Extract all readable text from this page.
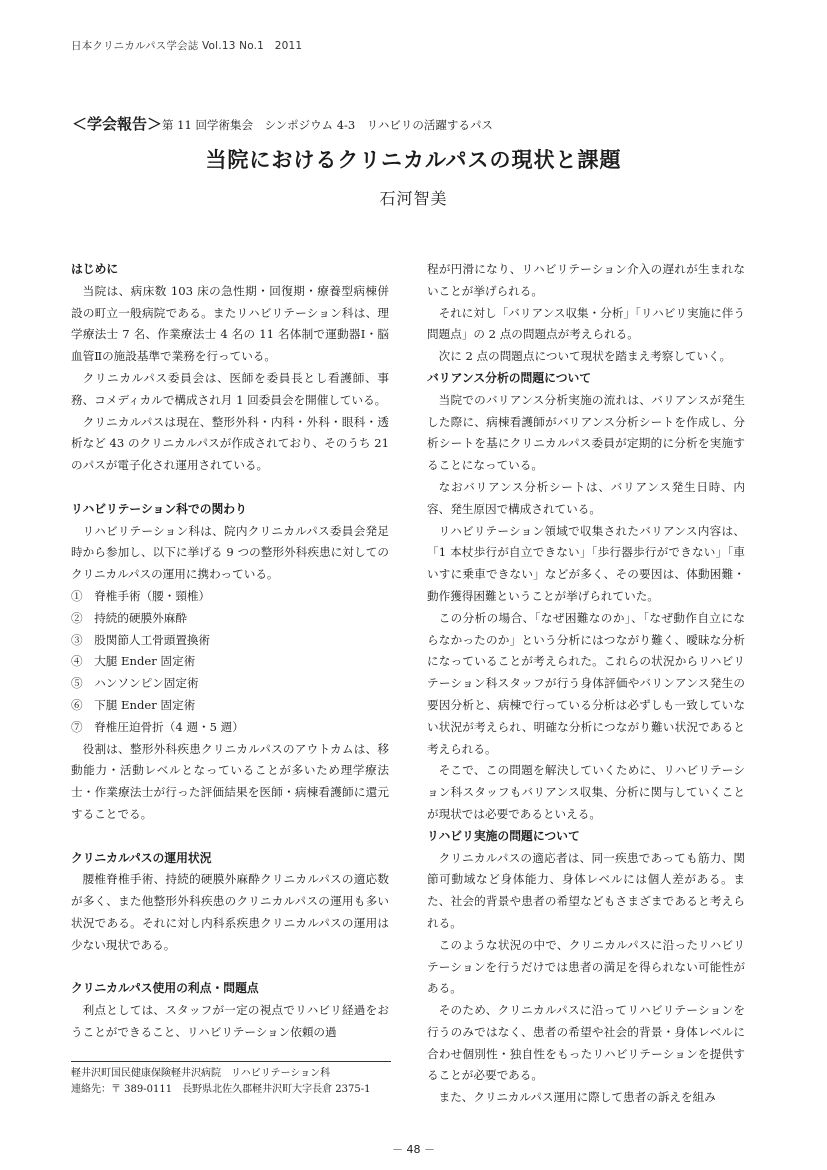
日本クリニカルパス学会誌 Vol.13 No.1　2011
＜学会報告＞第 11 回学術集会　シンポジウム 4-3　リハビリの活躍するパス
当院におけるクリニカルパスの現状と課題
石河智美
はじめに

当院は、病床数 103 床の急性期・回復期・療養型病棟併設の町立一般病院である。またリハビリテーション科は、理学療法士 7 名、作業療法士 4 名の 11 名体制で運動器Ⅰ・脳血管Ⅱの施設基準で業務を行っている。

クリニカルパス委員会は、医師を委員長とし看護師、事務、コメディカルで構成され月 1 回委員会を開催している。

クリニカルパスは現在、整形外科・内科・外科・眼科・透析など 43 のクリニカルパスが作成されており、そのうち 21 のパスが電子化され運用されている。

リハビリテーション科での関わり

リハビリテーション科は、院内クリニカルパス委員会発足時から参加し、以下に挙げる 9 つの整形外科疾患に対してのクリニカルパスの運用に携わっている。

①　脊椎手術（腰・頸椎）
②　持続的硬膜外麻酔
③　股関節人工骨頭置換術
④　大腿 Ender 固定術
⑤　ハンソンピン固定術
⑥　下腿 Ender 固定術
⑦　脊椎圧迫骨折（4 週・5 週）

役割は、整形外科疾患クリニカルパスのアウトカムは、移動能力・活動レベルとなっていることが多いため理学療法士・作業療法士が行った評価結果を医師・病棟看護師に還元することでる。

クリニカルパスの運用状況

腰椎脊椎手術、持続的硬膜外麻酔クリニカルパスの適応数が多く、また他整形外科疾患のクリニカルパスの運用も多い状況である。それに対し内科系疾患クリニカルパスの運用は少ない現状である。

クリニカルパス使用の利点・問題点

利点としては、スタッフが一定の視点でリハビリ経過をおうことができること、リハビリテーション依頼の過

程が円滑になり、リハビリテーション介入の遅れが生まれないことが挙げられる。

それに対し「バリアンス収集・分析」「リハビリ実施に伴う問題点」の 2 点の問題点が考えられる。

次に 2 点の問題点について現状を踏まえ考察していく。

バリアンス分析の問題について

当院でのバリアンス分析実施の流れは、バリアンスが発生した際に、病棟看護師がバリアンス分析シートを作成し、分析シートを基にクリニカルパス委員が定期的に分析を実施することになっている。

なおバリアンス分析シートは、バリアンス発生日時、内容、発生原因で構成されている。

リハビリテーション領域で収集されたバリアンス内容は、「1 本杖歩行が自立できない」「歩行器歩行ができない」「車いすに乗車できない」などが多く、その要因は、体動困難・動作獲得困難ということが挙げられていた。

この分析の場合、「なぜ困難なのか」、「なぜ動作自立にならなかったのか」という分析にはつながり難く、曖昧な分析になっていることが考えられた。これらの状況からリハビリテーション科スタッフが行う身体評価やバリンアンス発生の要因分析と、病棟で行っている分析は必ずしも一致していない状況が考えられ、明確な分析につながり難い状況であると考えられる。

そこで、この問題を解決していくために、リハビリテーション科スタッフもバリアンス収集、分析に関与していくことが現状では必要であるといえる。

リハビリ実施の問題について

クリニカルパスの適応者は、同一疾患であっても筋力、関節可動域など身体能力、身体レベルには個人差がある。また、社会的背景や患者の希望などもさまざまであると考えられる。

このような状況の中で、クリニカルパスに沿ったリハビリテーションを行うだけでは患者の満足を得られない可能性がある。

そのため、クリニカルパスに沿ってリハビリテーションを行うのみではなく、患者の希望や社会的背景・身体レベルに合わせ個別性・独自性をもったリハビリテーションを提供することが必要である。

また、クリニカルパス運用に際して患者の訴えを組み

軽井沢町国民健康保険軽井沢病院　リハビリテーション科
連絡先：〒 389-0111　長野県北佐久郡軽井沢町大字長倉 2375-1
－ 48 －
